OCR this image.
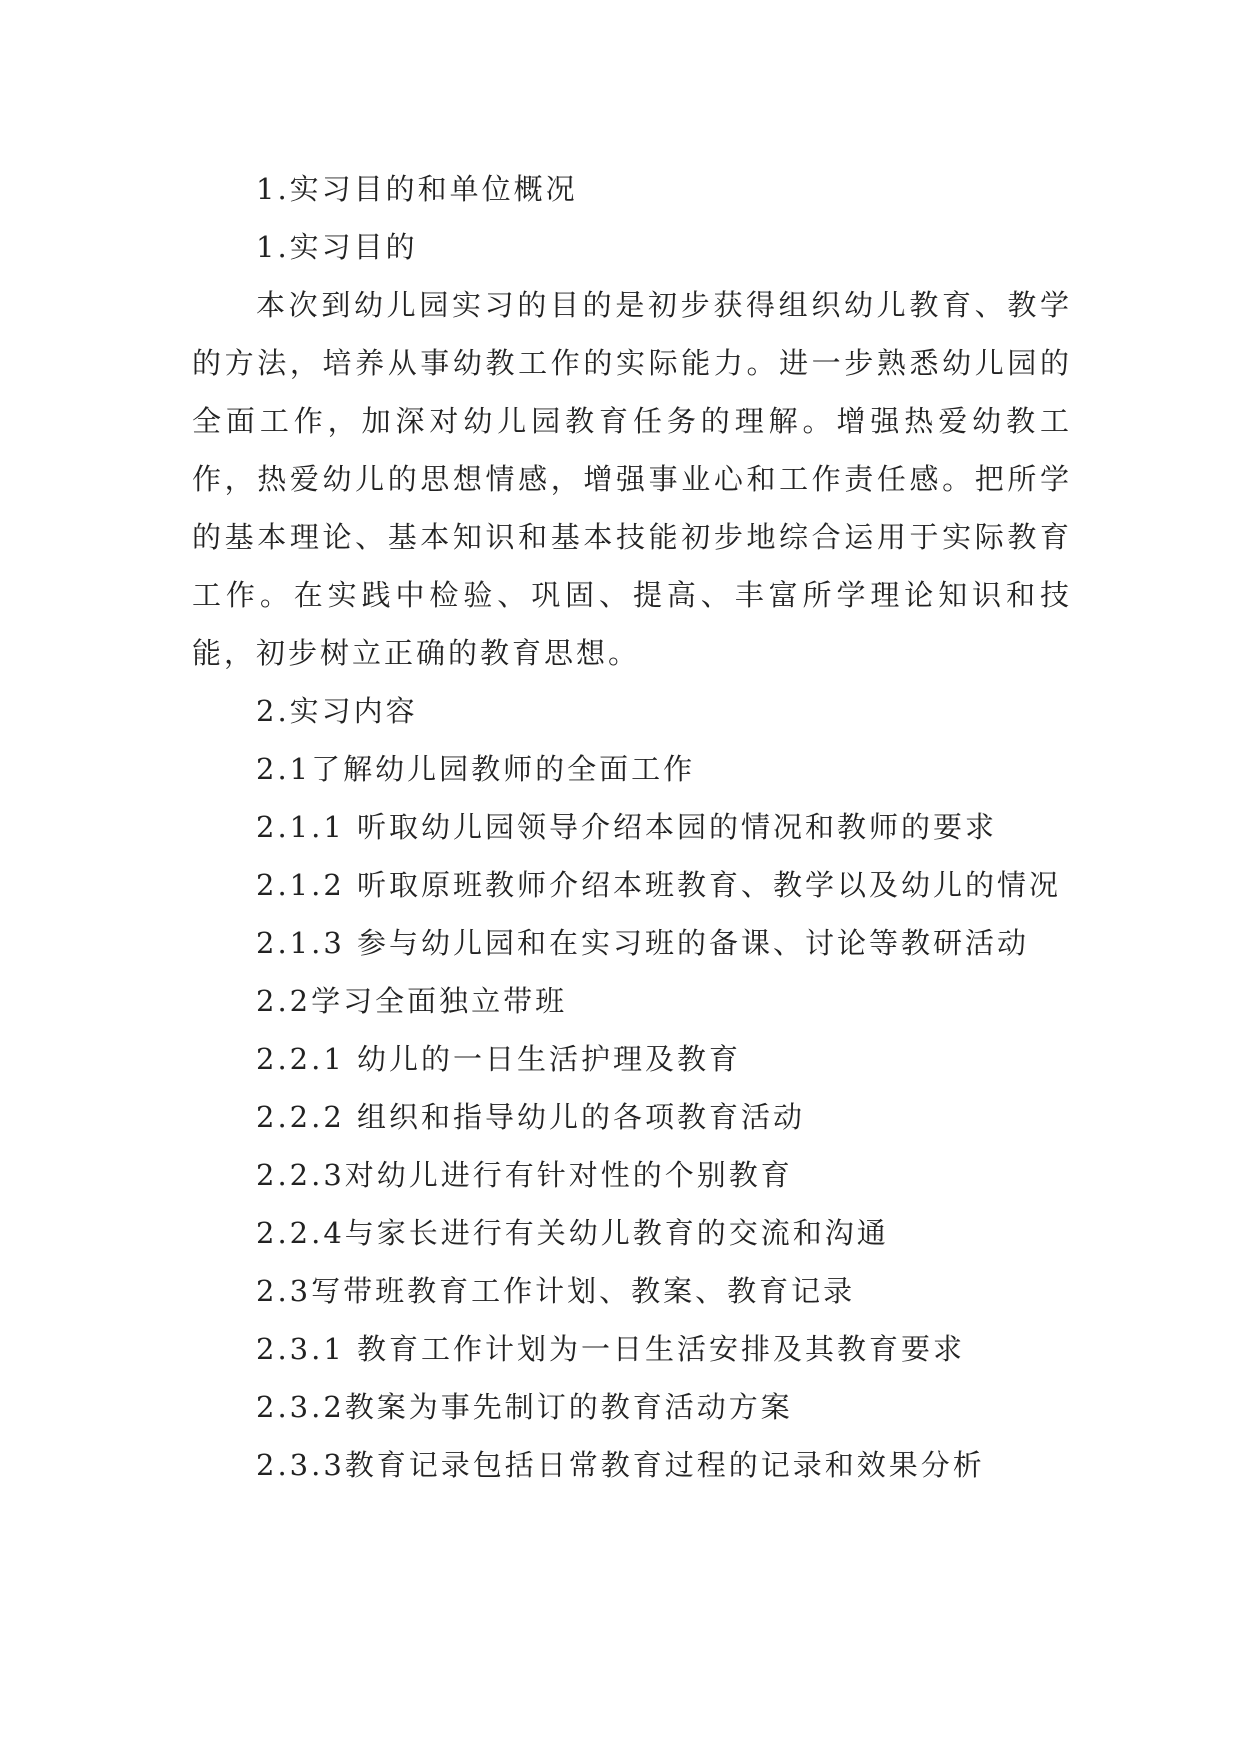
1.实习目的和单位概况

1.实习目的

本次到幼儿园实习的目的是初步获得组织幼儿教育、教学的方法，培养从事幼教工作的实际能力。进一步熟悉幼儿园的全面工作，加深对幼儿园教育任务的理解。增强热爱幼教工作，热爱幼儿的思想情感，增强事业心和工作责任感。把所学的基本理论、基本知识和基本技能初步地综合运用于实际教育工作。在实践中检验、巩固、提高、丰富所学理论知识和技能，初步树立正确的教育思想。

2.实习内容

2.1了解幼儿园教师的全面工作

2.1.1 听取幼儿园领导介绍本园的情况和教师的要求

2.1.2 听取原班教师介绍本班教育、教学以及幼儿的情况

2.1.3 参与幼儿园和在实习班的备课、讨论等教研活动

2.2学习全面独立带班

2.2.1 幼儿的一日生活护理及教育

2.2.2 组织和指导幼儿的各项教育活动

2.2.3对幼儿进行有针对性的个别教育

2.2.4与家长进行有关幼儿教育的交流和沟通

2.3写带班教育工作计划、教案、教育记录

2.3.1 教育工作计划为一日生活安排及其教育要求

2.3.2教案为事先制订的教育活动方案

2.3.3教育记录包括日常教育过程的记录和效果分析
